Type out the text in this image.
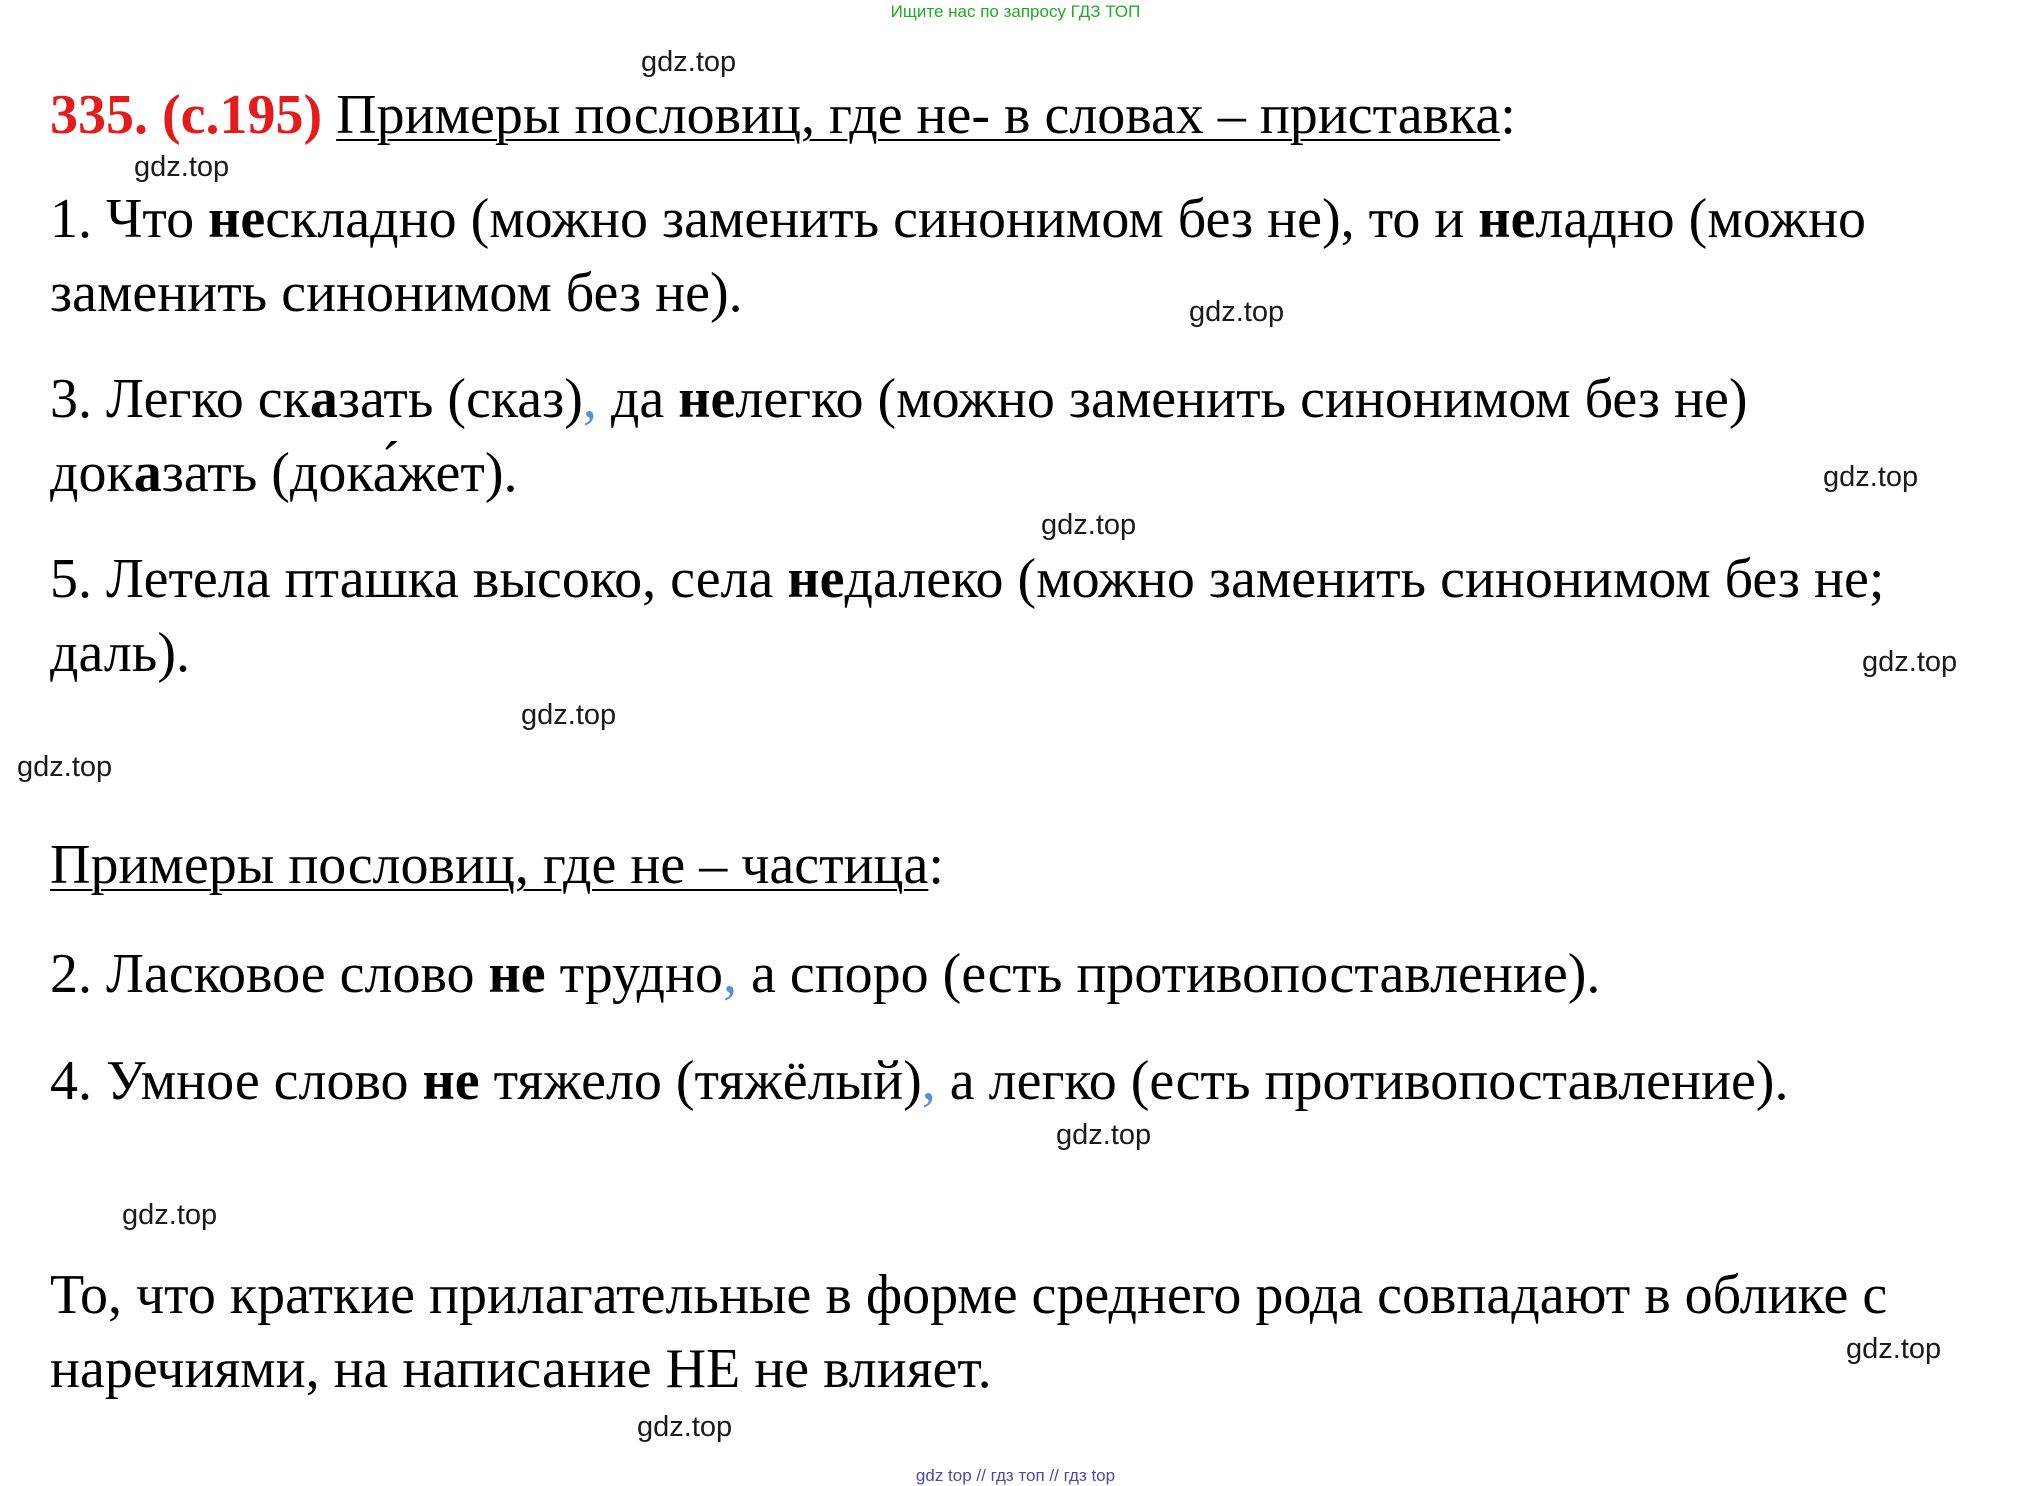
Ищите нас по запросу ГДЗ ТОП
gdz.top
gdz.top
gdz.top
gdz.top
gdz.top
gdz.top
gdz.top
gdz.top
gdz.top
gdz.top
gdz.top
gdz.top
335. (с.195) Примеры пословиц, где не- в словах – приставка:
1. Что нескладно (можно заменить синонимом без не), то и неладно (можно
заменить синонимом без не).
3. Легко сказать (сказ), да нелегко (можно заменить синонимом без не)
доказать (дока́жет).
5. Летела пташка высоко, села недалеко (можно заменить синонимом без не;
даль).
Примеры пословиц, где не – частица:
2. Ласковое слово не трудно, а споро (есть противопоставление).
4. Умное слово не тяжело (тяжёлый), а легко (есть противопоставление).
То, что краткие прилагательные в форме среднего рода совпадают в облике с
наречиями, на написание НЕ не влияет.
gdz top // гдз топ // гдз top
